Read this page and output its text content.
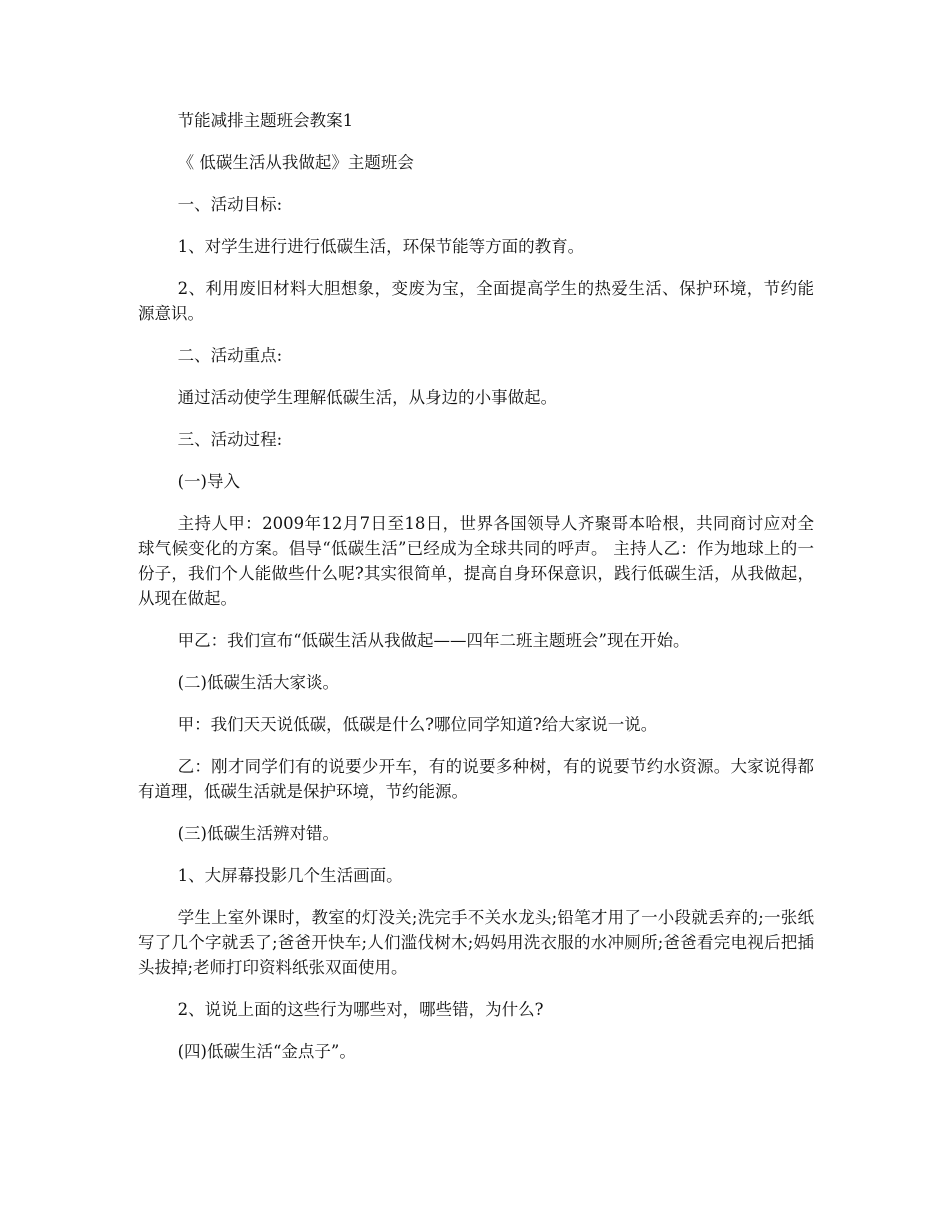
节能减排主题班会教案1

《 低碳生活从我做起》主题班会

一、活动目标:

1、对学生进行进行低碳生活，环保节能等方面的教育。

2、利用废旧材料大胆想象，变废为宝，全面提高学生的热爱生活、保护环境，节约能源意识。

二、活动重点:

通过活动使学生理解低碳生活，从身边的小事做起。

三、活动过程:

(一)导入

主持人甲：2009年12月7日至18日，世界各国领导人齐聚哥本哈根，共同商讨应对全球气候变化的方案。倡导“低碳生活”已经成为全球共同的呼声。 主持人乙：作为地球上的一份子，我们个人能做些什么呢?其实很简单，提高自身环保意识，践行低碳生活，从我做起，从现在做起。

甲乙：我们宣布“低碳生活从我做起——四年二班主题班会”现在开始。

(二)低碳生活大家谈。

甲：我们天天说低碳，低碳是什么?哪位同学知道?给大家说一说。

乙：刚才同学们有的说要少开车，有的说要多种树，有的说要节约水资源。大家说得都有道理，低碳生活就是保护环境，节约能源。

(三)低碳生活辨对错。

1、大屏幕投影几个生活画面。

学生上室外课时，教室的灯没关;洗完手不关水龙头;铅笔才用了一小段就丢弃的;一张纸写了几个字就丢了;爸爸开快车;人们滥伐树木;妈妈用洗衣服的水冲厕所;爸爸看完电视后把插头拔掉;老师打印资料纸张双面使用。

2、说说上面的这些行为哪些对，哪些错，为什么?

(四)低碳生活“金点子”。
